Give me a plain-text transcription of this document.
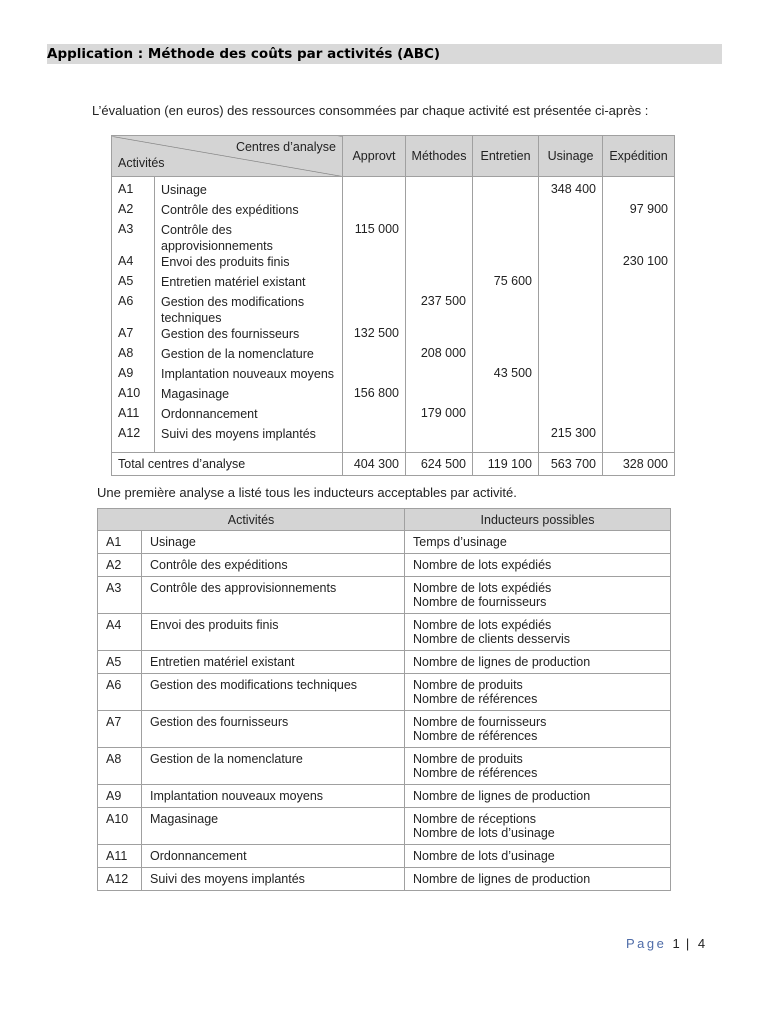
Application : Méthode des coûts par activités (ABC)
L’évaluation (en euros) des ressources consommées par chaque activité est présentée ci-après :
Centres d’analyse
Activités		Approvt	Méthodes	Entretien	Usinage	Expédition
A1	Usinage				348 400	
A2	Contrôle des expéditions					97 900
A3	Contrôle des approvisionnements	115 000				
A4	Envoi des produits finis					230 100
A5	Entretien matériel existant			75 600		
A6	Gestion des modifications techniques		237 500			
A7	Gestion des fournisseurs	132 500				
A8	Gestion de la nomenclature		208 000			
A9	Implantation nouveaux moyens			43 500		
A10	Magasinage	156 800				
A11	Ordonnancement		179 000			
A12	Suivi des moyens implantés				215 300	
Total centres d’analyse		404 300	624 500	119 100	563 700	328 000
Une première analyse a listé tous les inducteurs acceptables par activité.
Activités		Inducteurs possibles
A1	Usinage	Temps d’usinage

A2	Contrôle des expéditions	Nombre de lots expédiés

A3	Contrôle des approvisionnements	Nombre de lots expédiés
Nombre de fournisseurs

A4	Envoi des produits finis	Nombre de lots expédiés
Nombre de clients desservis

A5	Entretien matériel existant	Nombre de lignes de production

A6	Gestion des modifications techniques	Nombre de produits
Nombre de références

A7	Gestion des fournisseurs	Nombre de fournisseurs
Nombre de références

A8	Gestion de la nomenclature	Nombre de produits
Nombre de références

A9	Implantation nouveaux moyens	Nombre de lignes de production

A10	Magasinage	Nombre de réceptions
Nombre de lots d’usinage

A11	Ordonnancement	Nombre de lots d’usinage

A12	Suivi des moyens implantés	Nombre de lignes de production
Page 1 | 4
